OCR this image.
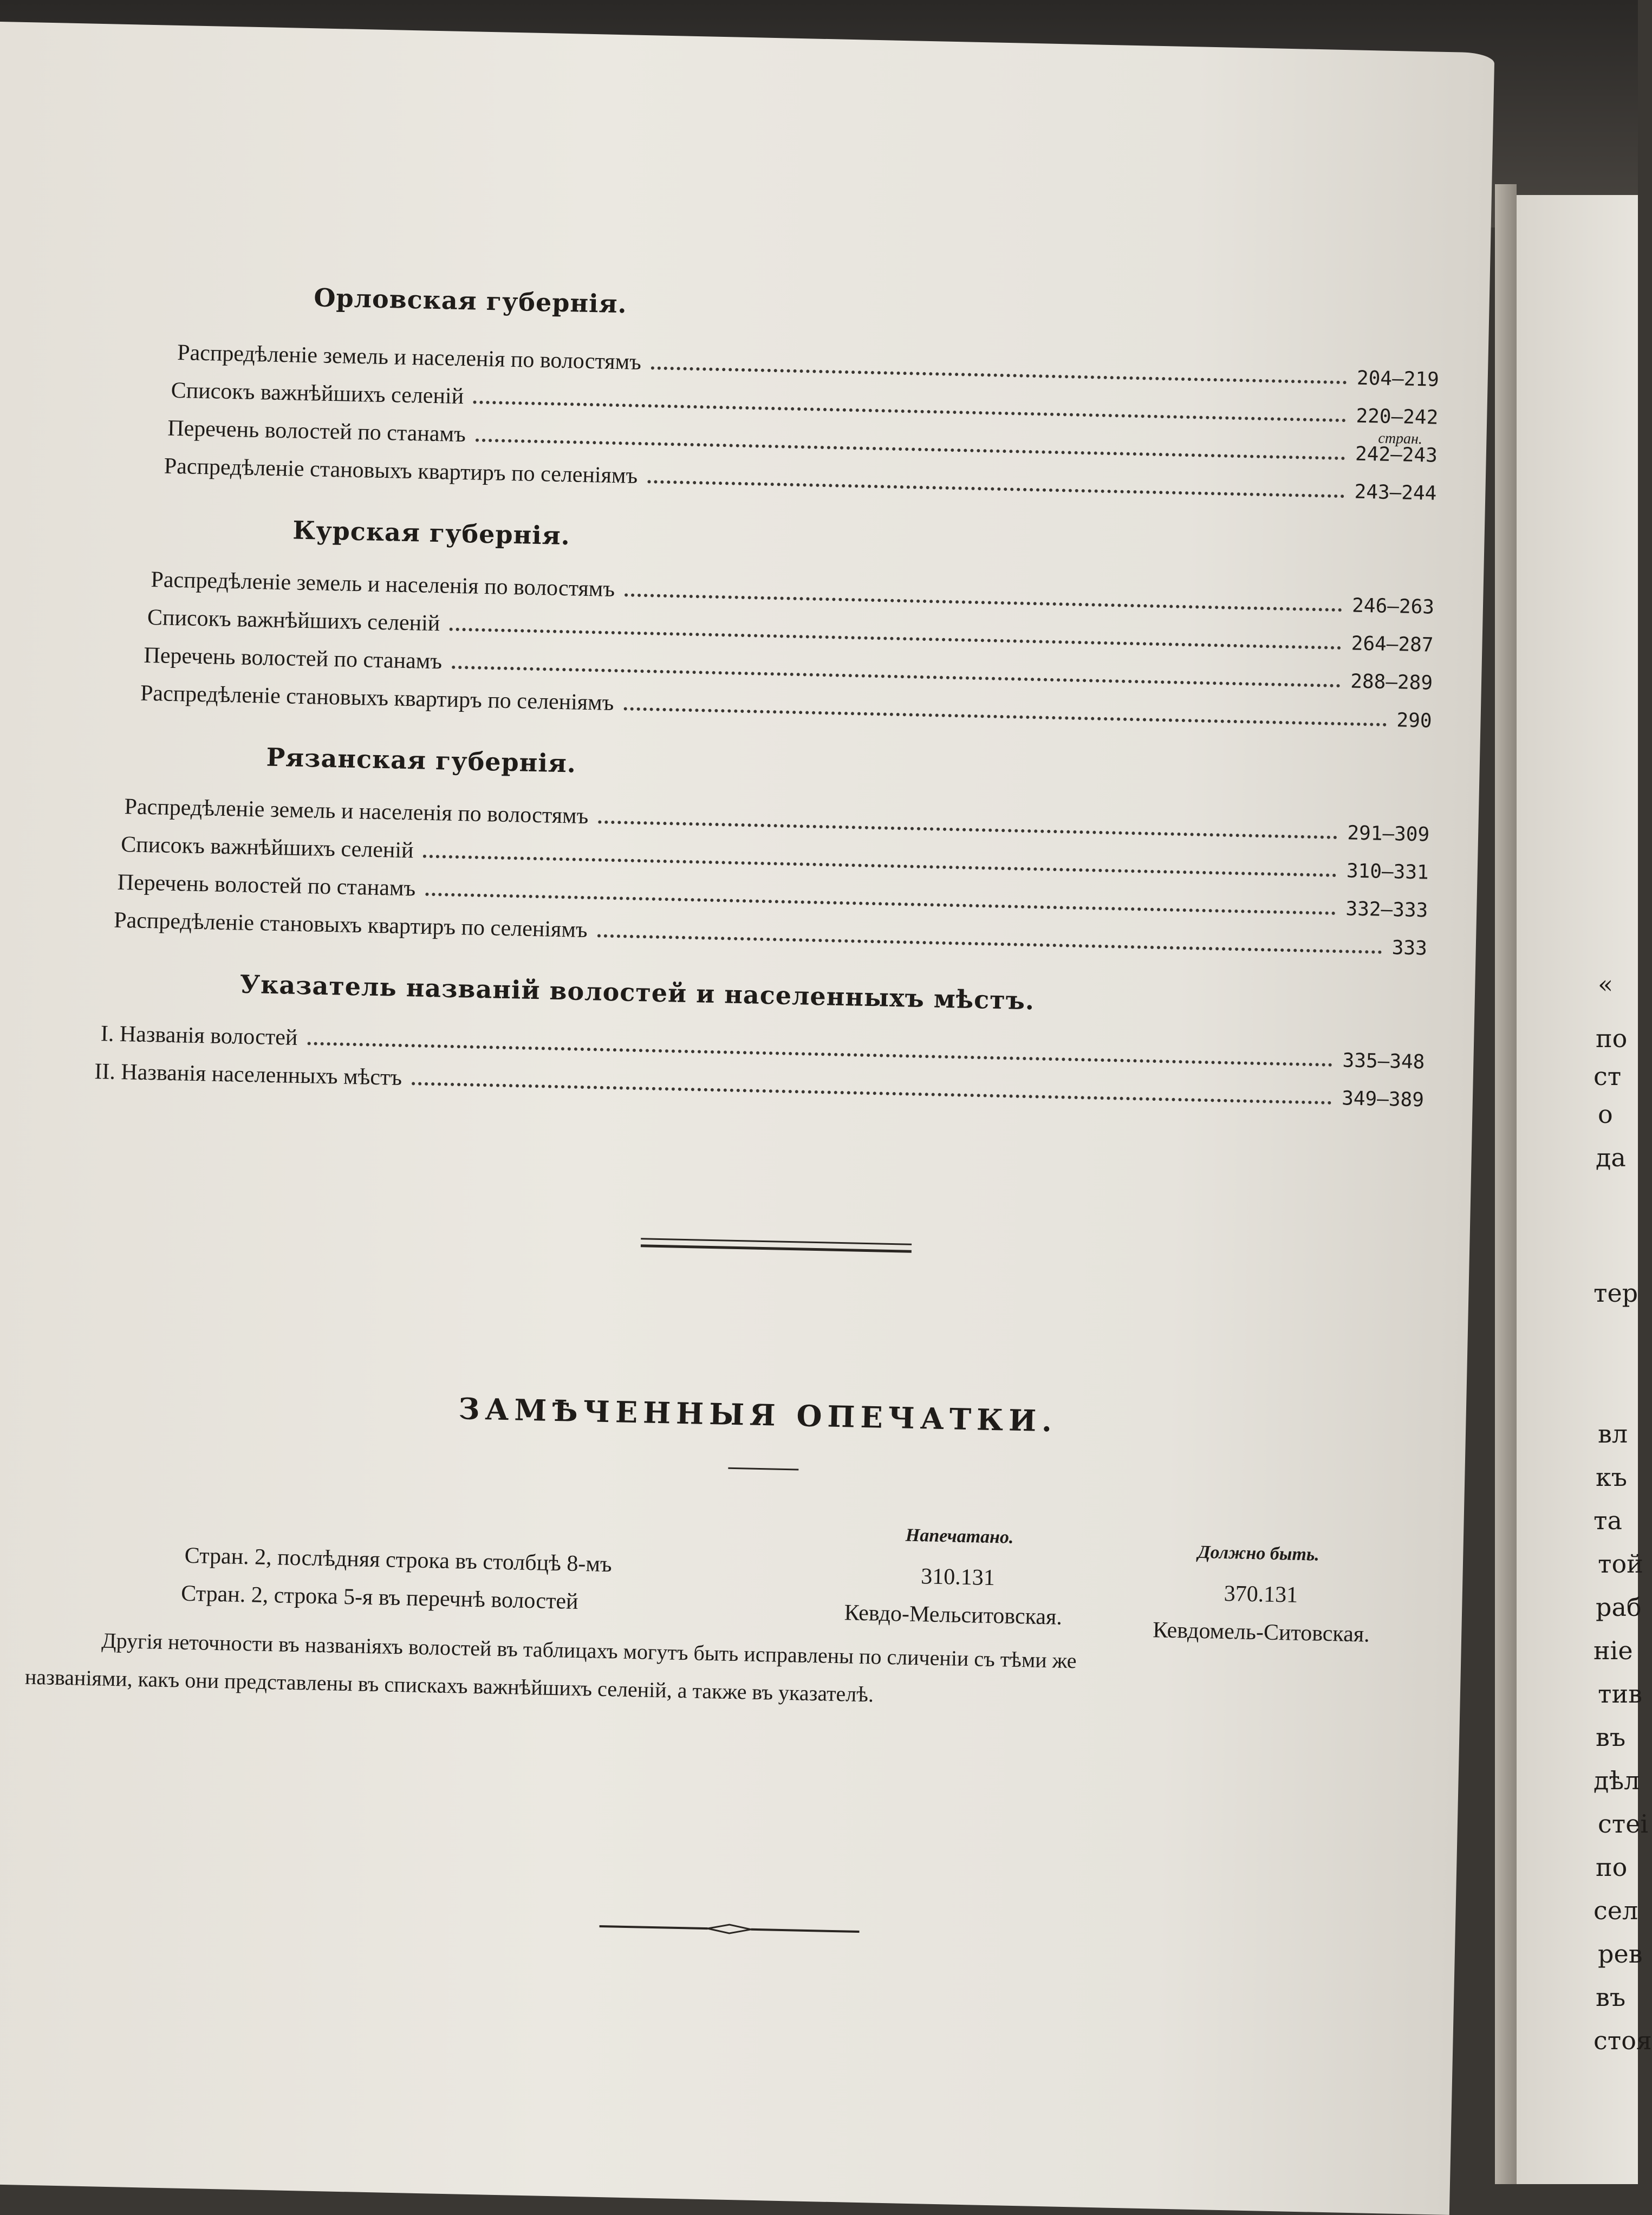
стран.
Орловская губернія.
Распредѣленіе земель и населенія по волостямъ
204—219
Списокъ важнѣйшихъ селеній
220—242
Перечень волостей по станамъ
242—243
Распредѣленіе становыхъ квартиръ по селеніямъ
243—244
Курская губернія.
Распредѣленіе земель и населенія по волостямъ
246—263
Списокъ важнѣйшихъ селеній
264—287
Перечень волостей по станамъ
288—289
Распредѣленіе становыхъ квартиръ по селеніямъ
290
Рязанская губернія.
Распредѣленіе земель и населенія по волостямъ
291—309
Списокъ важнѣйшихъ селеній
310—331
Перечень волостей по станамъ
332—333
Распредѣленіе становыхъ квартиръ по селеніямъ
333
Указатель названій волостей и населенныхъ мѣстъ.
I. Названія волостей
335—348
II. Названія населенныхъ мѣстъ
349—389
ЗАМѢЧЕННЫЯ ОПЕЧАТКИ.
Напечатано.
Должно быть.
Стран. 2, послѣдняя строка въ столбцѣ 8-мъ
310.131
370.131
Стран. 2, строка 5-я въ перечнѣ волостей
Кевдо-Мельситовская.
Кевдомель-Ситовская.
Другія неточности въ названіяхъ волостей въ таблицахъ могутъ быть исправлены по сличеніи съ тѣми же
названіями, какъ они представлены въ спискахъ важнѣйшихъ селеній, а также въ указателѣ.
«
по
ст
о
да
тер
вл
къ
та
той
раб
ніе
тив
въ
дѣл
стеі
по
сел
рев
въ
стоя
